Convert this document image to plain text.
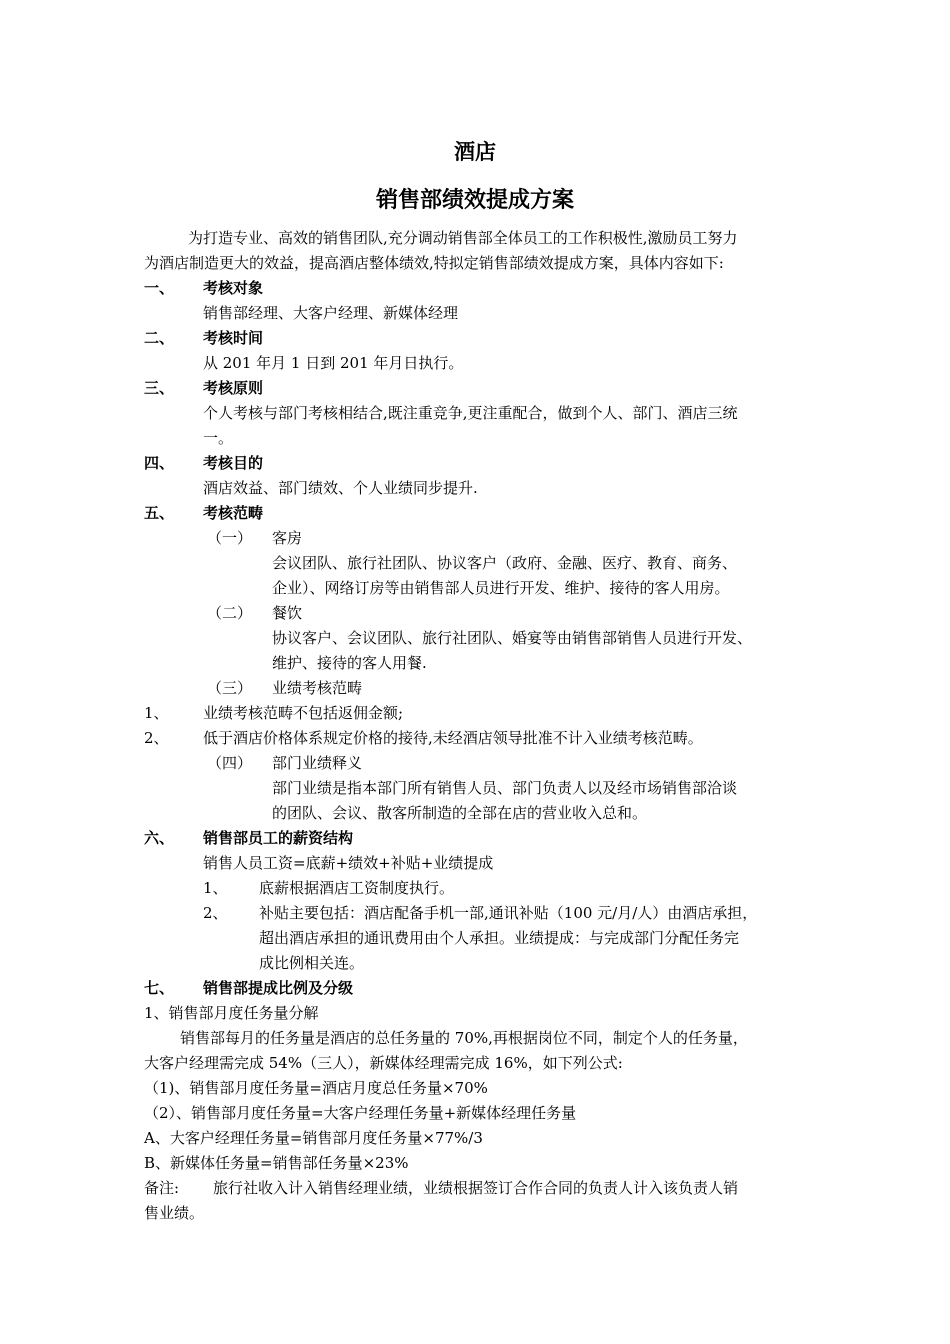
酒店
销售部绩效提成方案
为打造专业、高效的销售团队,充分调动销售部全体员工的工作积极性,激励员工努力
为酒店制造更大的效益，提高酒店整体绩效,特拟定销售部绩效提成方案，具体内容如下:
一、 考核对象
销售部经理、大客户经理、新媒体经理
二、 考核时间
从 201 年月 1 日到 201 年月日执行。
三、 考核原则
个人考核与部门考核相结合,既注重竞争,更注重配合，做到个人、部门、酒店三统
一。
四、 考核目的
酒店效益、部门绩效、个人业绩同步提升.
五、 考核范畴
（一） 客房
会议团队、旅行社团队、协议客户（政府、金融、医疗、教育、商务、
企业）、网络订房等由销售部人员进行开发、维护、接待的客人用房。
（二） 餐饮
协议客户、会议团队、旅行社团队、婚宴等由销售部销售人员进行开发、
维护、接待的客人用餐.
（三） 业绩考核范畴
1、 业绩考核范畴不包括返佣金额;
2、 低于酒店价格体系规定价格的接待,未经酒店领导批准不计入业绩考核范畴。
（四） 部门业绩释义
部门业绩是指本部门所有销售人员、部门负责人以及经市场销售部洽谈
的团队、会议、散客所制造的全部在店的营业收入总和。
六、 销售部员工的薪资结构
销售人员工资=底薪+绩效+补贴+业绩提成
1、 底薪根据酒店工资制度执行。
2、 补贴主要包括：酒店配备手机一部,通讯补贴（100 元/月/人）由酒店承担，
超出酒店承担的通讯费用由个人承担。业绩提成：与完成部门分配任务完
成比例相关连。
七、 销售部提成比例及分级
1、销售部月度任务量分解
销售部每月的任务量是酒店的总任务量的 70%,再根据岗位不同，制定个人的任务量，
大客户经理需完成 54%（三人），新媒体经理需完成 16%，如下列公式:
（1)、销售部月度任务量=酒店月度总任务量×70%
（2）、销售部月度任务量=大客户经理任务量+新媒体经理任务量
A、大客户经理任务量=销售部月度任务量×77%/3
B、新媒体任务量=销售部任务量×23%
备注: 旅行社收入计入销售经理业绩，业绩根据签订合作合同的负责人计入该负责人销
售业绩。
